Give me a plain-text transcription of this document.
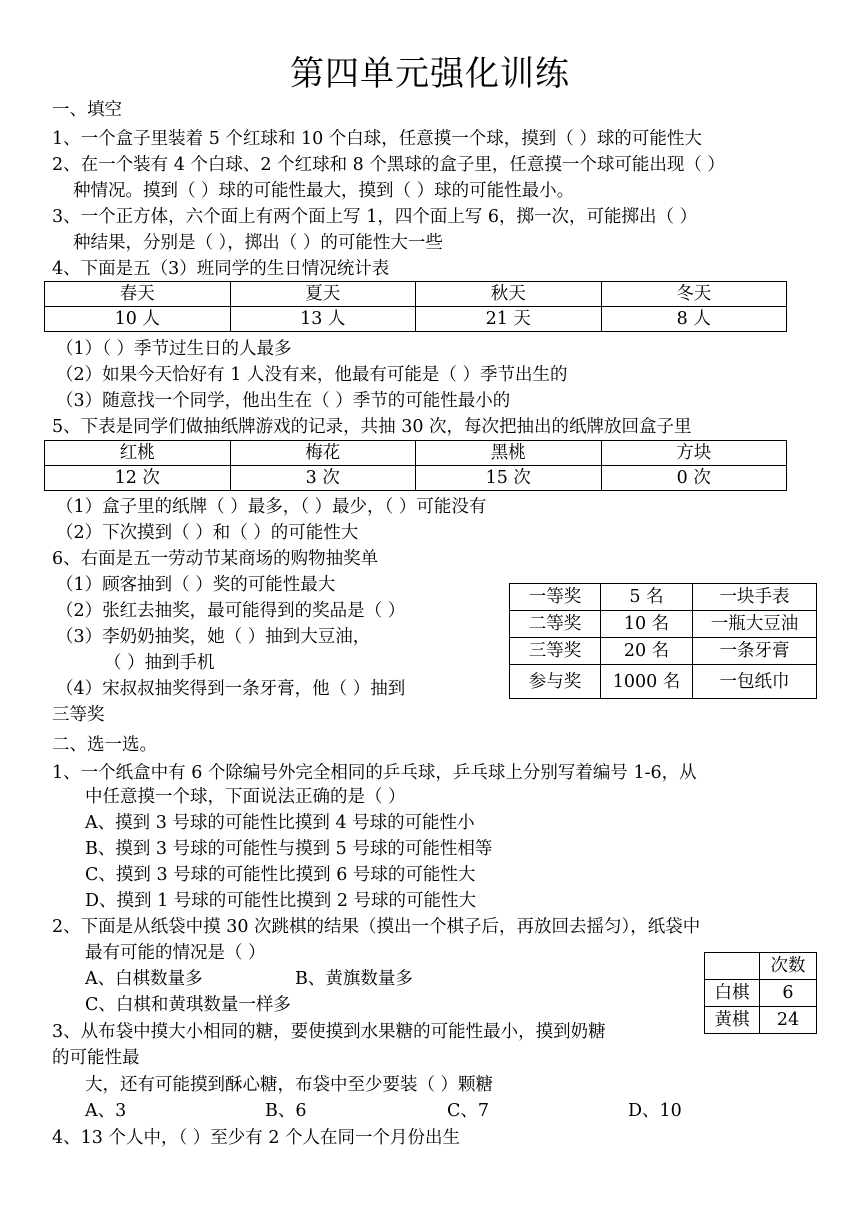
第四单元强化训练
一、填空
1、一个盒子里装着 5 个红球和 10 个白球，任意摸一个球，摸到（ ）球的可能性大
2、在一个装有 4 个白球、2 个红球和 8 个黑球的盒子里，任意摸一个球可能出现（ ）
种情况。摸到（ ）球的可能性最大，摸到（ ）球的可能性最小。
3、一个正方体，六个面上有两个面上写 1，四个面上写 6，掷一次，可能掷出（ ）
种结果，分别是（ ），掷出（ ）的可能性大一些
4、下面是五（3）班同学的生日情况统计表
春天	夏天	秋天	冬天
10 人	13 人	21 天	8 人
（1）（ ）季节过生日的人最多
（2）如果今天恰好有 1 人没有来，他最有可能是（ ）季节出生的
（3）随意找一个同学，他出生在（ ）季节的可能性最小的
5、下表是同学们做抽纸牌游戏的记录，共抽 30 次，每次把抽出的纸牌放回盒子里
红桃	梅花	黑桃	方块
12 次	3 次	15 次	0 次
（1）盒子里的纸牌（ ）最多，（ ）最少，（ ）可能没有
（2）下次摸到（ ）和（ ）的可能性大
6、右面是五一劳动节某商场的购物抽奖单
（1）顾客抽到（ ）奖的可能性最大
（2）张红去抽奖，最可能得到的奖品是（ ）
（3）李奶奶抽奖，她（ ）抽到大豆油，
（ ）抽到手机
（4）宋叔叔抽奖得到一条牙膏，他（ ）抽到
三等奖
一等奖	5 名	一块手表
二等奖	10 名	一瓶大豆油
三等奖	20 名	一条牙膏
参与奖	1000 名	一包纸巾
二、选一选。
1、一个纸盒中有 6 个除编号外完全相同的乒乓球，乒乓球上分别写着编号 1-6，从
中任意摸一个球，下面说法正确的是（ ）
A、摸到 3 号球的可能性比摸到 4 号球的可能性小
B、摸到 3 号球的可能性与摸到 5 号球的可能性相等
C、摸到 3 号球的可能性比摸到 6 号球的可能性大
D、摸到 1 号球的可能性比摸到 2 号球的可能性大
2、下面是从纸袋中摸 30 次跳棋的结果（摸出一个棋子后，再放回去摇匀），纸袋中
最有可能的情况是（ ）
A、白棋数量多	B、黄旗数量多
C、白棋和黄琪数量一样多
	次数
白棋	6
黄棋	24
3、从布袋中摸大小相同的糖，要使摸到水果糖的可能性最小，摸到奶糖
的可能性最
大，还有可能摸到酥心糖，布袋中至少要装（ ）颗糖
A、3	B、6	C、7	D、10
4、13 个人中，（ ）至少有 2 个人在同一个月份出生
